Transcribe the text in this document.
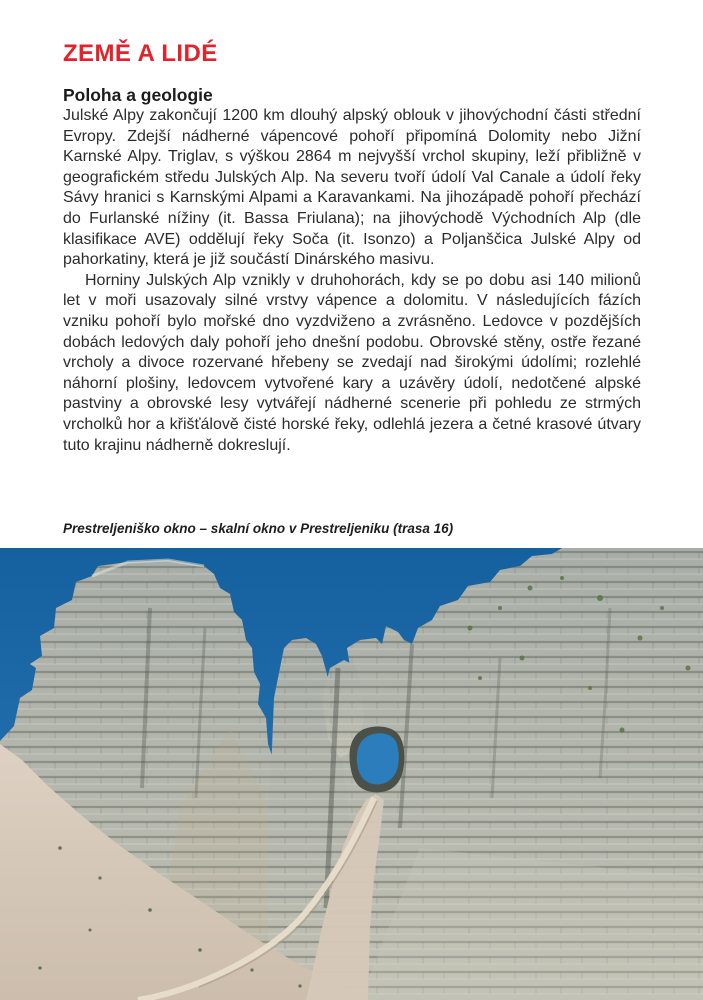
ZEMĚ A LIDÉ
Poloha a geologie

Julské Alpy zakončují 1200 km dlouhý alpský oblouk v jihovýchodní části střední Evropy. Zdejší nádherné vápencové pohoří připomíná Dolomity nebo Jižní Karnské Alpy. Triglav, s výškou 2864 m nejvyšší vrchol skupiny, leží přibližně v geografickém středu Julských Alp. Na severu tvoří údolí Val Canale a údolí řeky Sávy hranici s Karnskými Alpami a Karavankami. Na jihozápadě pohoří přechází do Furlanské nížiny (it. Bassa Friulana); na jihovýchodě Východních Alp (dle klasifikace AVE) oddělují řeky Soča (it. Isonzo) a Poljanščica Julské Alpy od pahorkatiny, která je již součástí Dinárského masivu.

Horniny Julských Alp vznikly v druhohorách, kdy se po dobu asi 140 milionů let v moři usazovaly silné vrstvy vápence a dolomitu. V následujících fázích vzniku pohoří bylo mořské dno vyzdviženo a zvrásněno. Ledovce v pozdějších dobách ledových daly pohoří jeho dnešní podobu. Obrovské stěny, ostře řezané vrcholy a divoce rozervané hřebeny se zvedají nad širokými údolími; rozlehlé náhorní plošiny, ledovcem vytvořené kary a uzávěry údolí, nedotčené alpské pastviny a obrovské lesy vytvářejí nádherné scenerie při pohledu ze strmých vrcholků hor a křišťálově čisté horské řeky, odlehlá jezera a četné krasové útvary tuto krajinu nádherně dokreslují.

Prestreljeniško okno – skalní okno v Prestreljeniku (trasa 16)
